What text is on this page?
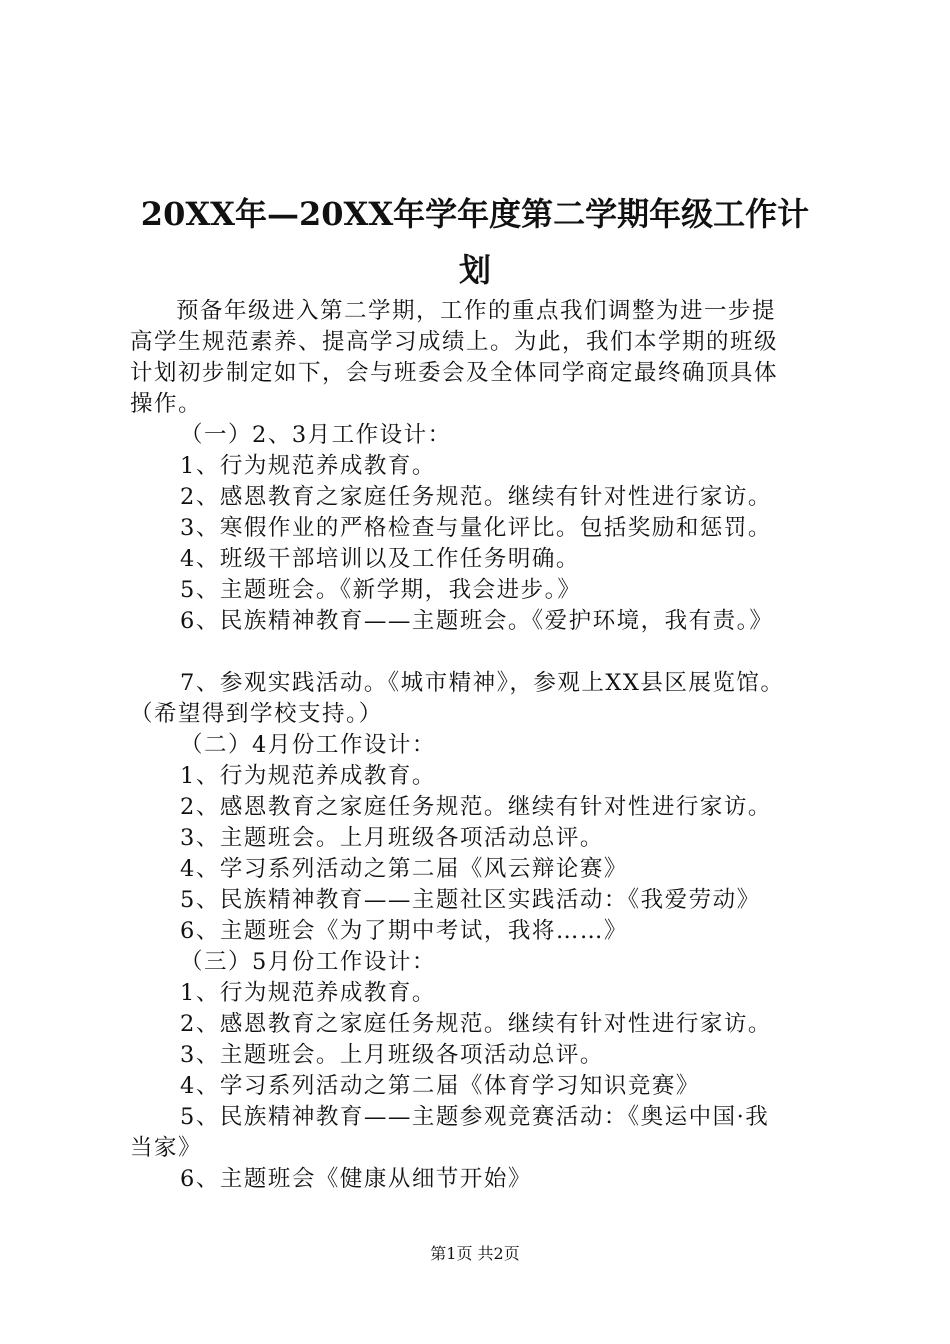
20XX年—20XX年学年度第二学期年级工作计
划

预备年级进入第二学期，工作的重点我们调整为进一步提

高学生规范素养、提高学习成绩上。为此，我们本学期的班级

计划初步制定如下，会与班委会及全体同学商定最终确顶具体

操作。

（一）2、3月工作设计：

1、行为规范养成教育。

2、感恩教育之家庭任务规范。继续有针对性进行家访。

3、寒假作业的严格检查与量化评比。包括奖励和惩罚。

4、班级干部培训以及工作任务明确。

5、主题班会。《新学期，我会进步。》

6、民族精神教育——主题班会。《爱护环境，我有责。》

7、参观实践活动。《城市精神》，参观上XX县区展览馆。

（希望得到学校支持。）

（二）4月份工作设计：

1、行为规范养成教育。

2、感恩教育之家庭任务规范。继续有针对性进行家访。

3、主题班会。上月班级各项活动总评。

4、学习系列活动之第二届《风云辩论赛》

5、民族精神教育——主题社区实践活动：《我爱劳动》

6、主题班会《为了期中考试，我将……》

（三）5月份工作设计：

1、行为规范养成教育。

2、感恩教育之家庭任务规范。继续有针对性进行家访。

3、主题班会。上月班级各项活动总评。

4、学习系列活动之第二届《体育学习知识竞赛》

5、民族精神教育——主题参观竞赛活动：《奥运中国·我

当家》

6、主题班会《健康从细节开始》

第1页 共2页
